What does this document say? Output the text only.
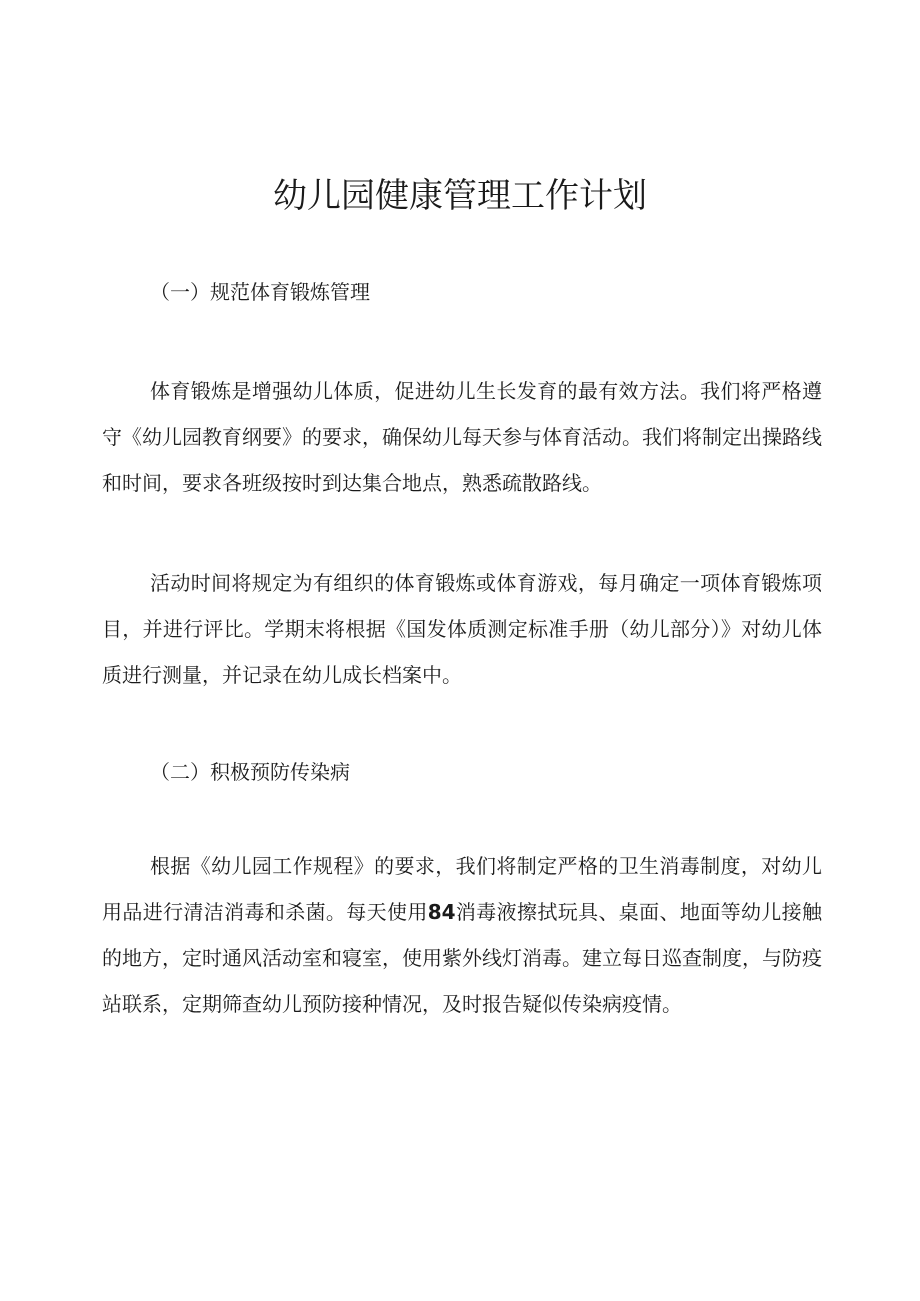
幼儿园健康管理工作计划

（一）规范体育锻炼管理

体育锻炼是增强幼儿体质，促进幼儿生长发育的最有效方法。我们将严格遵守《幼儿园教育纲要》的要求，确保幼儿每天参与体育活动。我们将制定出操路线和时间，要求各班级按时到达集合地点，熟悉疏散路线。

活动时间将规定为有组织的体育锻炼或体育游戏，每月确定一项体育锻炼项目，并进行评比。学期末将根据《国发体质测定标准手册（幼儿部分）》对幼儿体质进行测量，并记录在幼儿成长档案中。

（二）积极预防传染病

根据《幼儿园工作规程》的要求，我们将制定严格的卫生消毒制度，对幼儿用品进行清洁消毒和杀菌。每天使用84消毒液擦拭玩具、桌面、地面等幼儿接触的地方，定时通风活动室和寝室，使用紫外线灯消毒。建立每日巡查制度，与防疫站联系，定期筛查幼儿预防接种情况，及时报告疑似传染病疫情。
